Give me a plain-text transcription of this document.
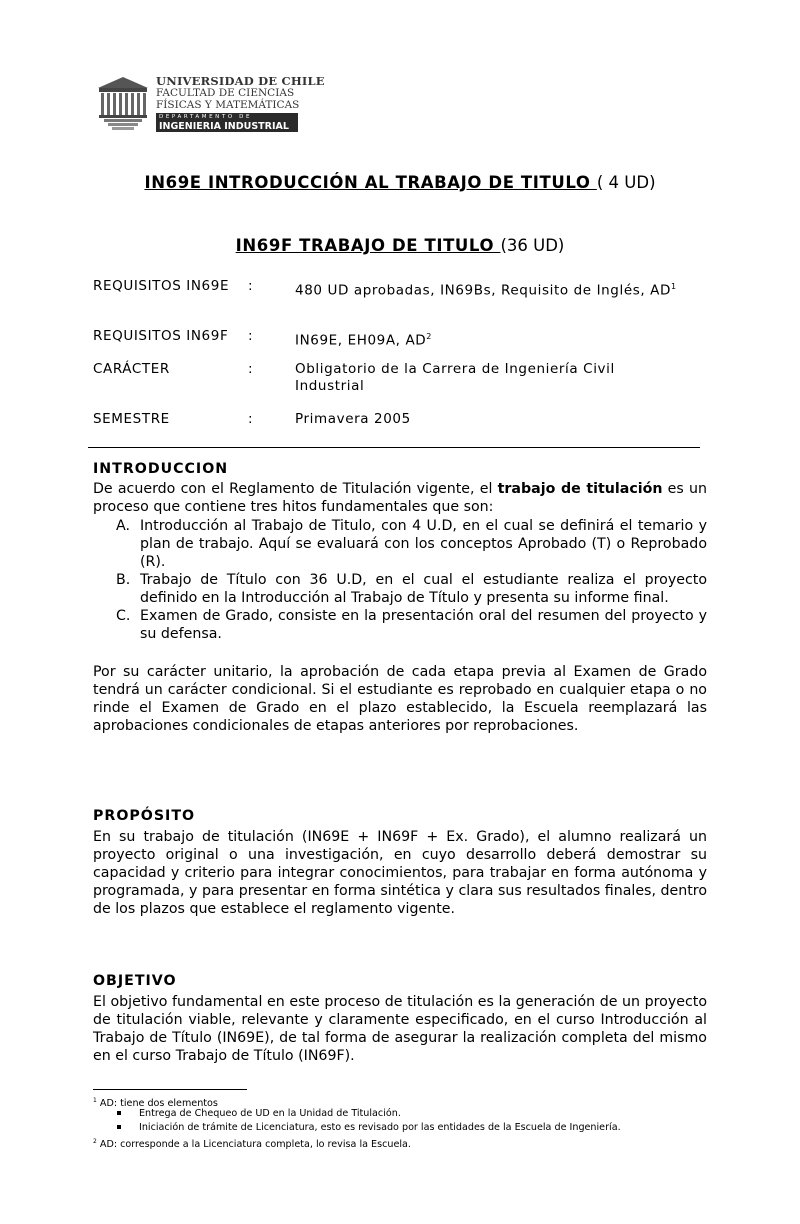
UNIVERSIDAD DE CHILE
FACULTAD DE CIENCIAS
FÍSICAS Y MATEMÁTICAS
DEPARTAMENTO DE
INGENIERIA INDUSTRIAL
IN69E INTRODUCCIÓN AL TRABAJO DE TITULO ( 4 UD)
IN69F TRABAJO DE TITULO (36 UD)
REQUISITOS IN69E :	480 UD aprobadas, IN69Bs, Requisito de Inglés, $AD^1$
REQUISITOS IN69F :	IN69E, EH09A, $AD^2$
CARÁCTER	:	Obligatorio de la Carrera de Ingeniería Civil Industrial
SEMESTRE	:	Primavera 2005
INTRODUCCION
De acuerdo con el Reglamento de Titulación vigente, el trabajo de titulación es un proceso que contiene tres hitos fundamentales que son:
A. Introducción al Trabajo de Titulo, con 4 U.D, en el cual se definirá el temario y plan de trabajo. Aquí se evaluará con los conceptos Aprobado (T) o Reprobado (R).
B. Trabajo de Título con 36 U.D, en el cual el estudiante realiza el proyecto definido en la Introducción al Trabajo de Título y presenta su informe final.
C. Examen de Grado, consiste en la presentación oral del resumen del proyecto y su defensa.
Por su carácter unitario, la aprobación de cada etapa previa al Examen de Grado tendrá un carácter condicional. Si el estudiante es reprobado en cualquier etapa o no rinde el Examen de Grado en el plazo establecido, la Escuela reemplazará las aprobaciones condicionales de etapas anteriores por reprobaciones.
PROPÓSITO
En su trabajo de titulación (IN69E + IN69F + Ex. Grado), el alumno realizará un proyecto original o una investigación, en cuyo desarrollo deberá demostrar su capacidad y criterio para integrar conocimientos, para trabajar en forma autónoma y programada, y para presentar en forma sintética y clara sus resultados finales, dentro de los plazos que establece el reglamento vigente.
OBJETIVO
El objetivo fundamental en este proceso de titulación es la generación de un proyecto de titulación viable, relevante y claramente especificado, en el curso Introducción al Trabajo de Título (IN69E), de tal forma de asegurar la realización completa del mismo en el curso Trabajo de Título (IN69F).
$^1$ AD: tiene dos elementos
Entrega de Chequeo de UD en la Unidad de Titulación.
Iniciación de trámite de Licenciatura, esto es revisado por las entidades de la Escuela de Ingeniería.
$^2$ AD: corresponde a la Licenciatura completa, lo revisa la Escuela.
